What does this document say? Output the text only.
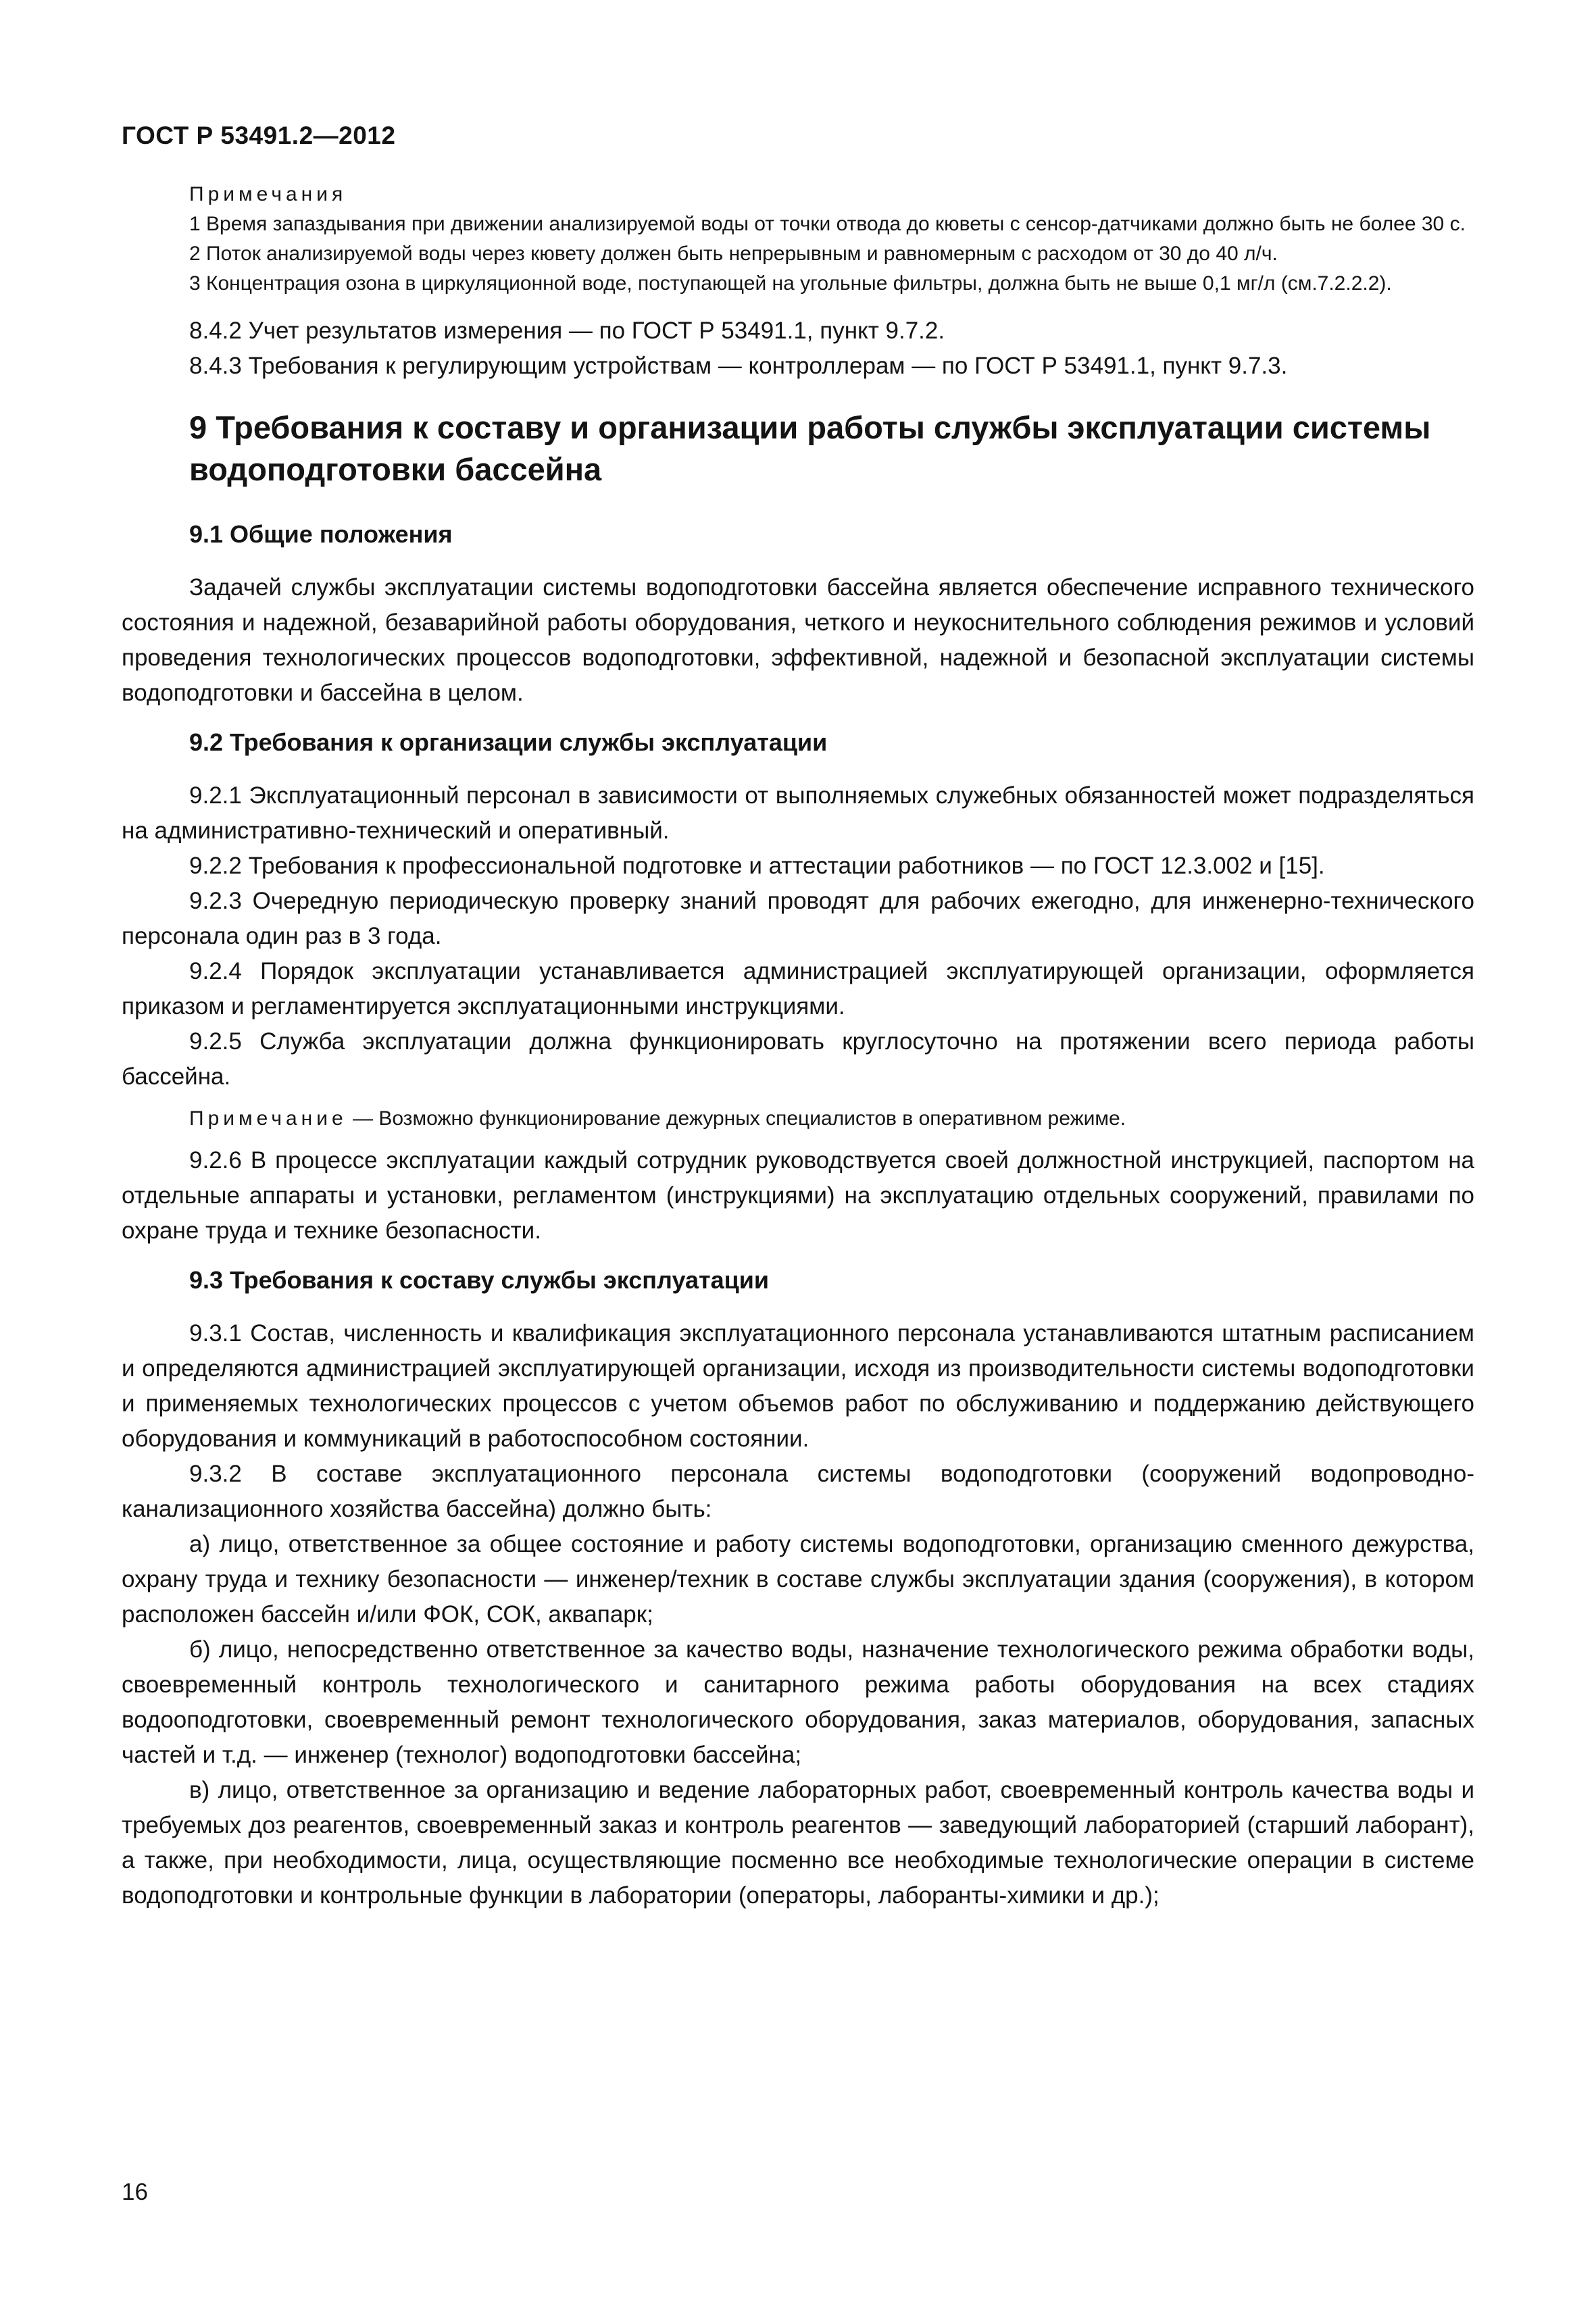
ГОСТ Р 53491.2—2012
Примечания
1 Время запаздывания при движении анализируемой воды от точки отвода до кюветы с сенсор-датчиками должно быть не более 30 с.
2 Поток анализируемой воды через кювету должен быть непрерывным и равномерным с расходом от 30 до 40 л/ч.
3 Концентрация озона в циркуляционной воде, поступающей на угольные фильтры, должна быть не выше 0,1 мг/л (см.7.2.2.2).
8.4.2 Учет результатов измерения — по ГОСТ Р 53491.1, пункт 9.7.2.
8.4.3 Требования к регулирующим устройствам — контроллерам — по ГОСТ Р 53491.1, пункт 9.7.3.
9 Требования к составу и организации работы службы эксплуатации системы водоподготовки бассейна
9.1 Общие положения
Задачей службы эксплуатации системы водоподготовки бассейна является обеспечение исправного технического состояния и надежной, безаварийной работы оборудования, четкого и неукоснительного соблюдения режимов и условий проведения технологических процессов водоподготовки, эффективной, надежной и безопасной эксплуатации системы водоподготовки и бассейна в целом.
9.2 Требования к организации службы эксплуатации
9.2.1 Эксплуатационный персонал в зависимости от выполняемых служебных обязанностей может подразделяться на административно-технический и оперативный.
9.2.2 Требования к профессиональной подготовке и аттестации работников — по ГОСТ 12.3.002 и [15].
9.2.3 Очередную периодическую проверку знаний проводят для рабочих ежегодно, для инженерно-технического персонала один раз в 3 года.
9.2.4 Порядок эксплуатации устанавливается администрацией эксплуатирующей организации, оформляется приказом и регламентируется эксплуатационными инструкциями.
9.2.5 Служба эксплуатации должна функционировать круглосуточно на протяжении всего периода работы бассейна.
Примечание — Возможно функционирование дежурных специалистов в оперативном режиме.
9.2.6 В процессе эксплуатации каждый сотрудник руководствуется своей должностной инструкцией, паспортом на отдельные аппараты и установки, регламентом (инструкциями) на эксплуатацию отдельных сооружений, правилами по охране труда и технике безопасности.
9.3 Требования к составу службы эксплуатации
9.3.1 Состав, численность и квалификация эксплуатационного персонала устанавливаются штатным расписанием и определяются администрацией эксплуатирующей организации, исходя из производительности системы водоподготовки и применяемых технологических процессов с учетом объемов работ по обслуживанию и поддержанию действующего оборудования и коммуникаций в работоспособном состоянии.
9.3.2 В составе эксплуатационного персонала системы водоподготовки (сооружений водопроводно-канализационного хозяйства бассейна) должно быть:
а) лицо, ответственное за общее состояние и работу системы водоподготовки, организацию сменного дежурства, охрану труда и технику безопасности — инженер/техник в составе службы эксплуатации здания (сооружения), в котором расположен бассейн и/или ФОК, СОК, аквапарк;
б) лицо, непосредственно ответственное за качество воды, назначение технологического режима обработки воды, своевременный контроль технологического и санитарного режима работы оборудования на всех стадиях водооподготовки, своевременный ремонт технологического оборудования, заказ материалов, оборудования, запасных частей и т.д. — инженер (технолог) водоподготовки бассейна;
в) лицо, ответственное за организацию и ведение лабораторных работ, своевременный контроль качества воды и требуемых доз реагентов, своевременный заказ и контроль реагентов — заведующий лабораторией (старший лаборант), а также, при необходимости, лица, осуществляющие посменно все необходимые технологические операции в системе водоподготовки и контрольные функции в лаборатории (операторы, лаборанты-химики и др.);
16
